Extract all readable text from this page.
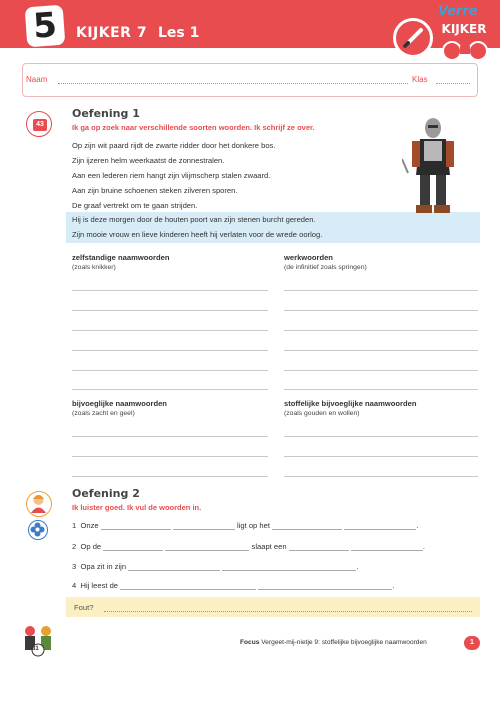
5	KIJKER 7 Les 1
Verre
KIJKER
Naam	Klas
43
Oefening 1
Ik ga op zoek naar verschillende soorten woorden. Ik schrijf ze over.
Op zijn wit paard rijdt de zwarte ridder door het donkere bos.
Zijn ijzeren helm weerkaatst de zonnestralen.
Aan een lederen riem hangt zijn vlijmscherp stalen zwaard.
Aan zijn bruine schoenen steken zilveren sporen.
De graaf vertrekt om te gaan strijden.
Hij is deze morgen door de houten poort van zijn stenen burcht gereden.
Zijn mooie vrouw en lieve kinderen heeft hij verlaten voor de wrede oorlog.
zelfstandige naamwoorden
(zoals knikker)
werkwoorden
(de infinitief zoals springen)
bijvoeglijke naamwoorden
(zoals zacht en geel)
stoffelijke bijvoeglijke naamwoorden
(zoals gouden en wollen)
Oefening 2
Ik luister goed. Ik vul de woorden in.
1 Onze	ligt op het	.
2 Op de	slaapt een	.
3 Opa zit in zijn	.
4 Hij leest de	.
Fout?
81
Focus Vergeet-mij-nietje 9: stoffelijke bijvoeglijke naamwoorden	1
